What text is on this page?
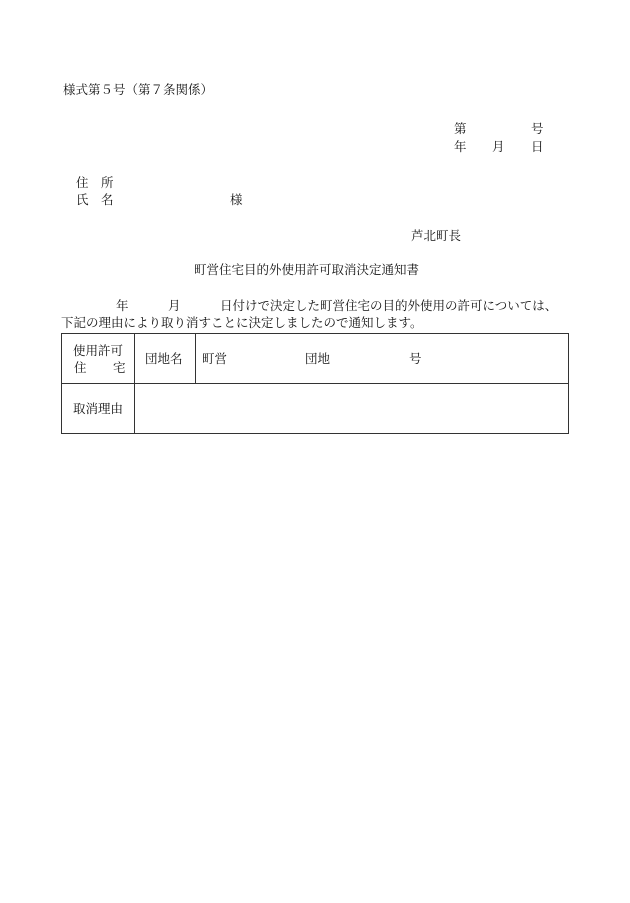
様式第５号（第７条関係）
第	号
年 月 日
住　所
氏　名	様
芦北町長
町営住宅目的外使用許可取消決定通知書
年	月	日付けで決定した町営住宅の目的外使用の許可については、
下記の理由により取り消すことに決定しましたので通知します。
使用許可
住 宅	団地名	町営 団地 号

取消理由		
